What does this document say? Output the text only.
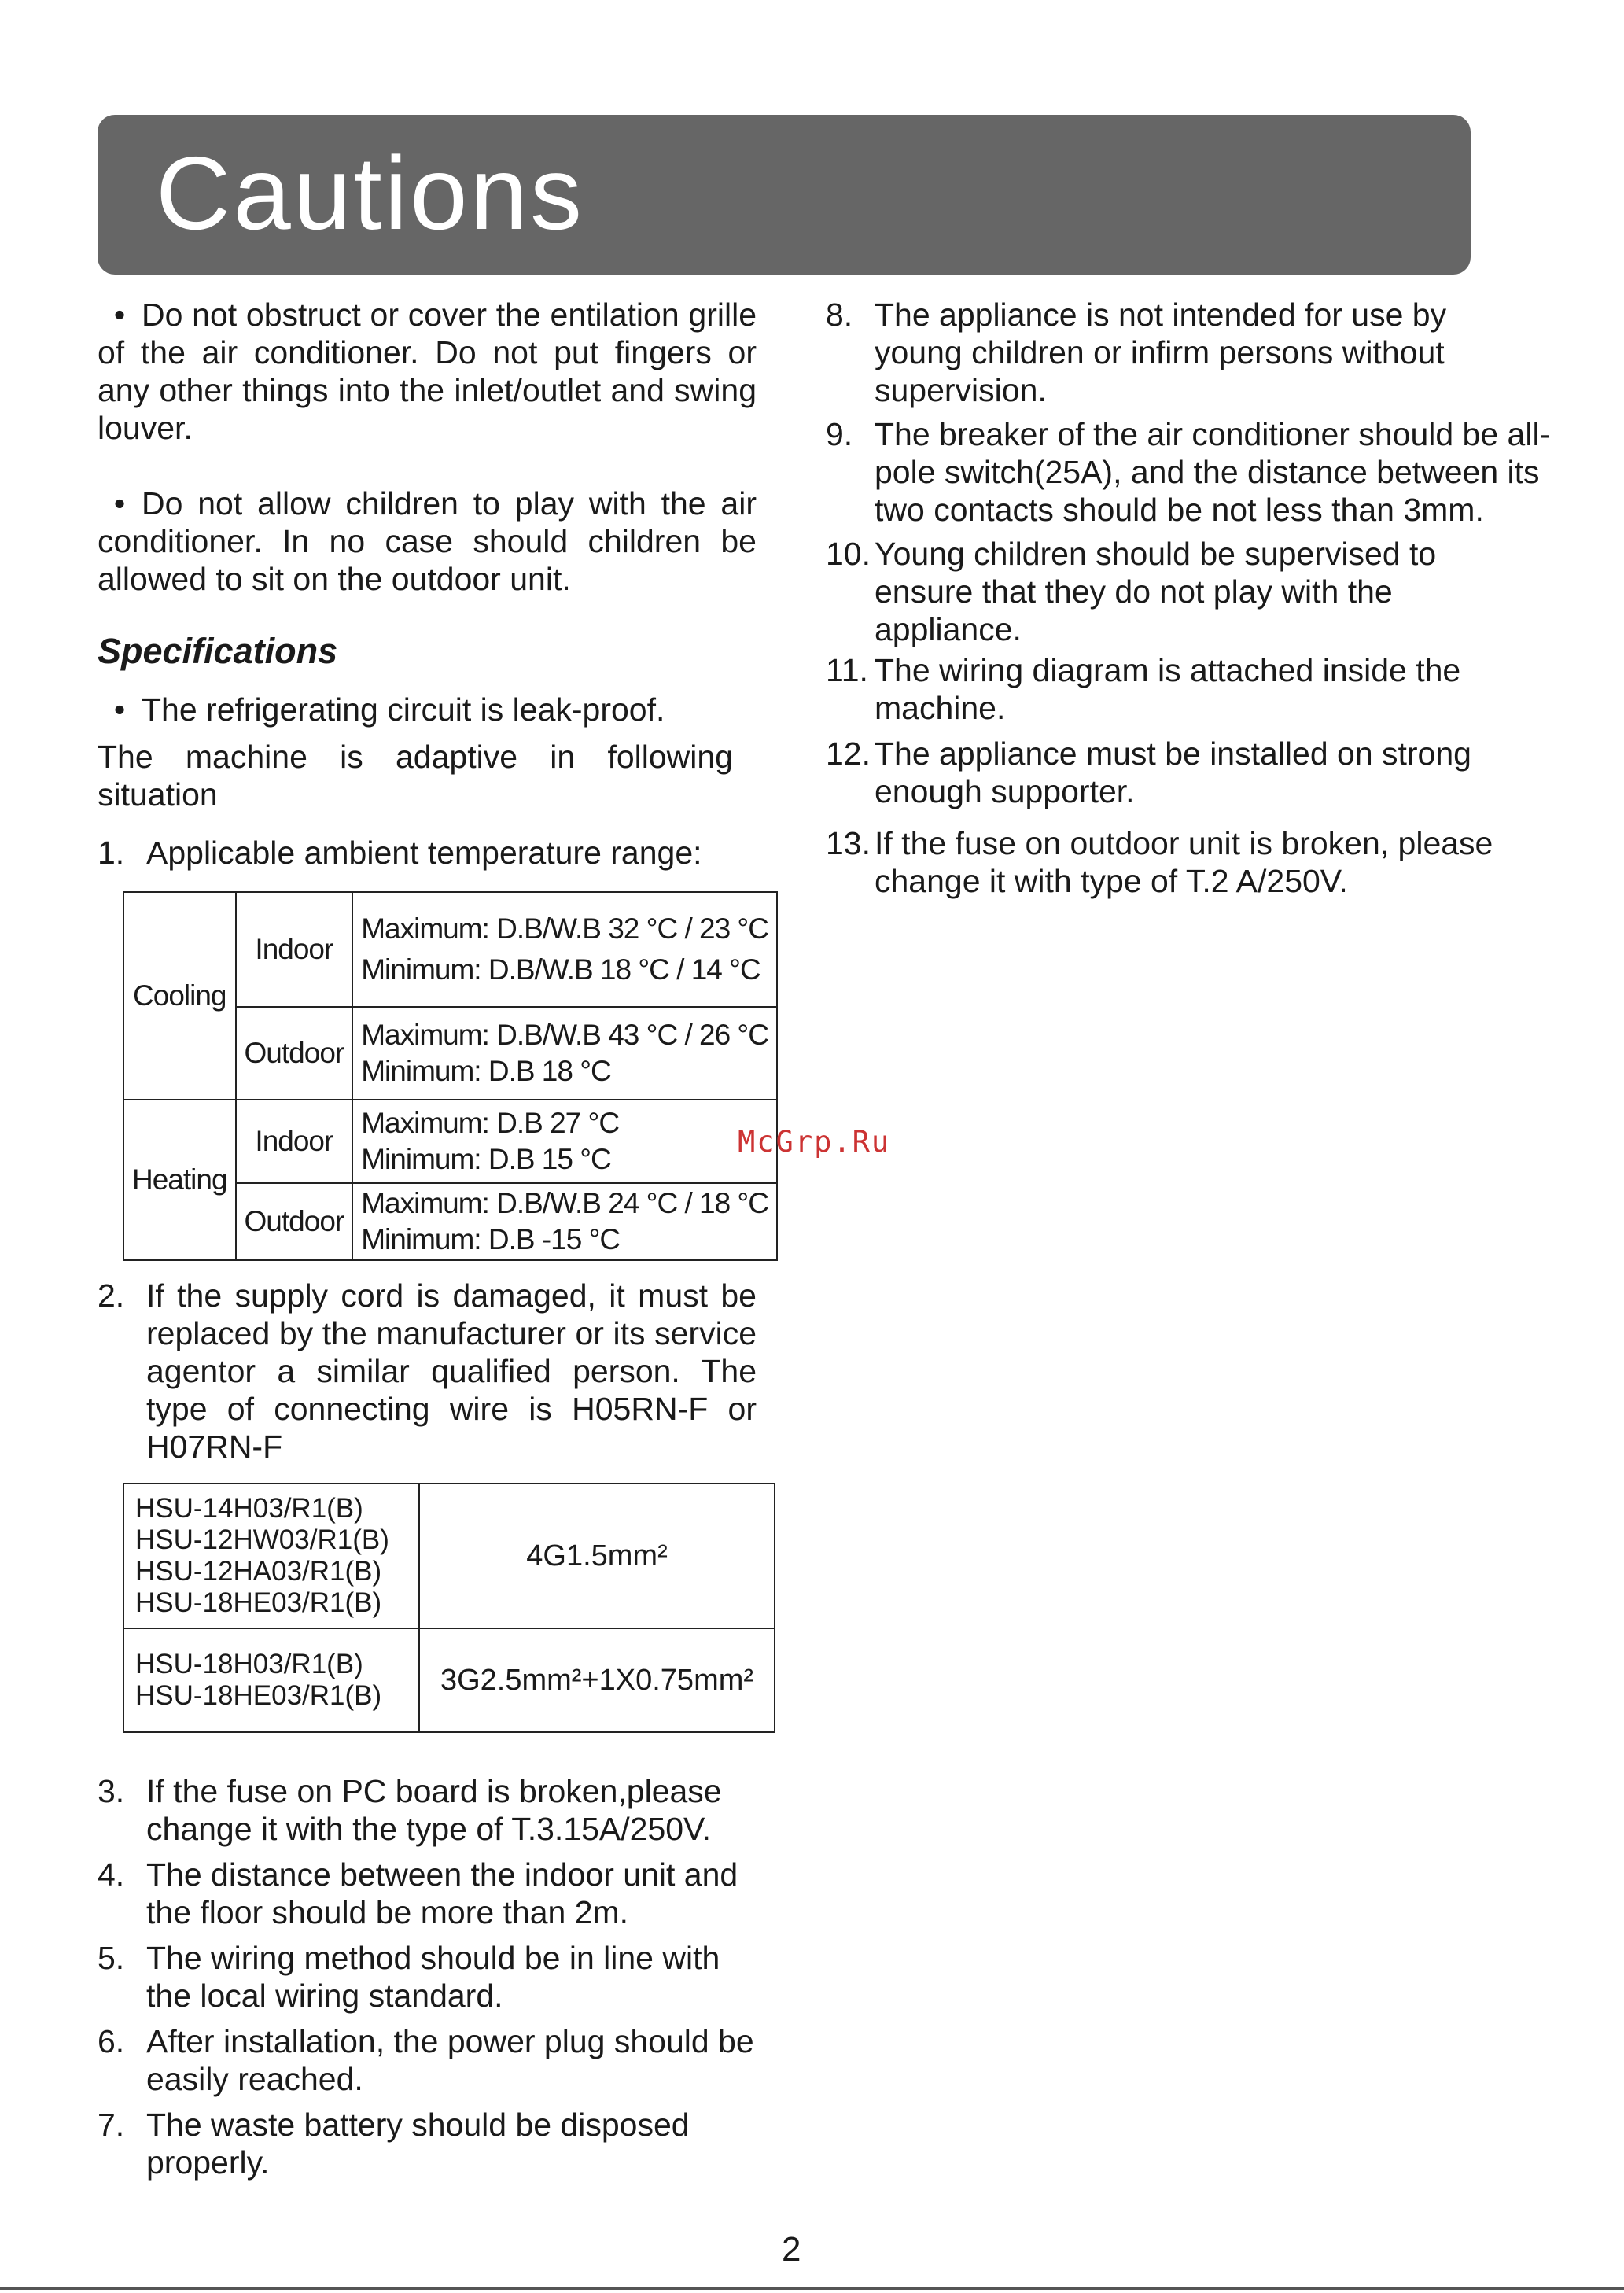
Cautions

• Do not obstruct or cover the entilation grille of the air conditioner. Do not put fingers or any other things into the inlet/outlet and swing louver.

• Do not allow children to play with the air conditioner. In no case should children be allowed to sit on the outdoor unit.

Specifications

• The refrigerating circuit is leak-proof.

The machine is adaptive in following situation

1. Applicable ambient temperature range:

Cooling	Indoor	Maximum: D.B/W.B 32 °C / 23 °C
Minimum: D.B/W.B 18 °C / 14 °C

	Outdoor	Maximum: D.B/W.B 43 °C / 26 °C
Minimum: D.B 18 °C

Heating	Indoor	Maximum: D.B 27 °C
Minimum: D.B 15 °C

	Outdoor	Maximum: D.B/W.B 24 °C / 18 °C
Minimum: D.B -15 °C

2. If the supply cord is damaged, it must be replaced by the manufacturer or its service agentor a similar qualified person. The type of connecting wire is H05RN-F or H07RN-F

HSU-14H03/R1(B)
HSU-12HW03/R1(B)
HSU-12HA03/R1(B)
HSU-18HE03/R1(B)	4G1.5mm²

HSU-18H03/R1(B)
HSU-18HE03/R1(B)	3G2.5mm²+1X0.75mm²

3. If the fuse on PC board is broken,please change it with the type of T.3.15A/250V.

4. The distance between the indoor unit and the floor should be more than 2m.

5. The wiring method should be in line with the local wiring standard.

6. After installation, the power plug should be easily reached.

7. The waste battery should be disposed properly.

8. The appliance is not intended for use by young children or infirm persons without supervision.

9. The breaker of the air conditioner should be all-pole switch(25A), and the distance between its two contacts should be not less than 3mm.

10. Young children should be supervised to ensure that they do not play with the appliance.

11. The wiring diagram is attached inside the machine.

12. The appliance must be installed on strong enough supporter.

13. If the fuse on outdoor unit is broken, please change it with type of T.2 A/250V.

McGrp.Ru
2
